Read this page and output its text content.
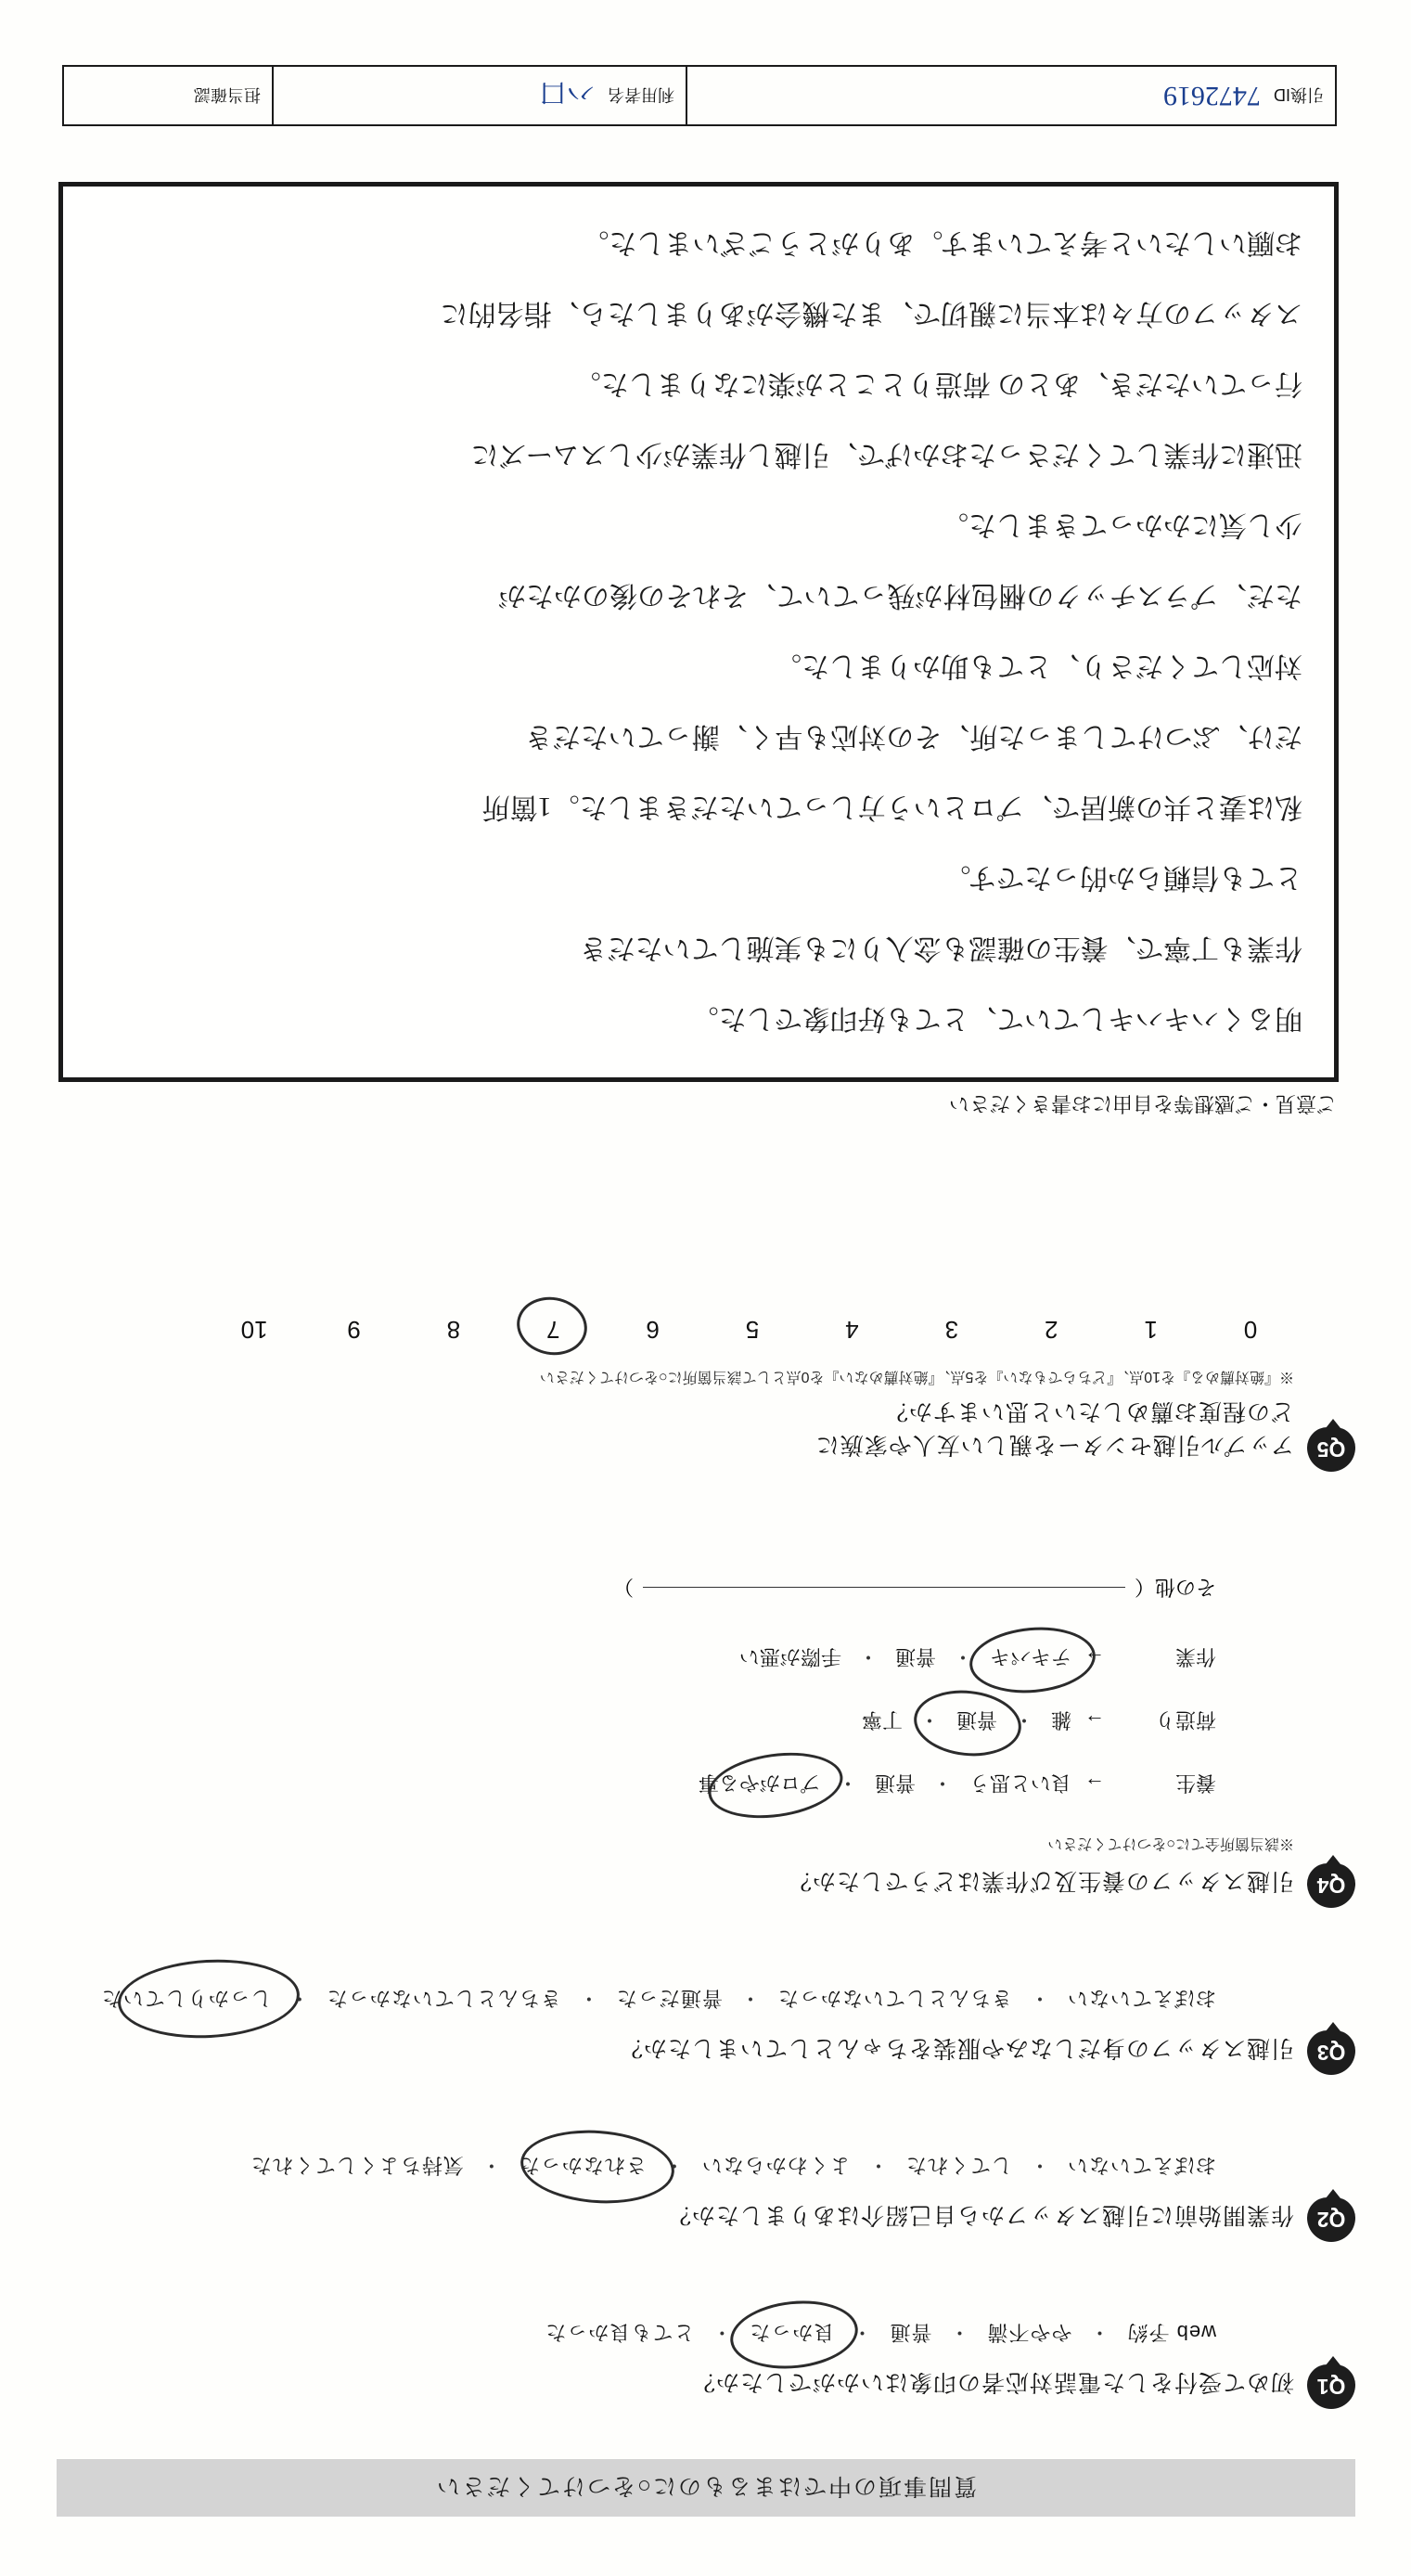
質問事項の中ではまるものに○をつけてください
Q1
初めて受付をした電話対応者の印象はいかがでしたか？
web 予約
・
やや不満
・
普通
・
良かった
・
とても良かった
Q2
作業開始前に引越スタッフから自己紹介はありましたか？
おぼえていない
・
してくれた
・
よくわからない
・
されなかった
・
気持ちよくしてくれた
Q3
引越スタッフの身だしなみや服装をちゃんとしていましたか？
おぼえていない
・
きちんとしていなかった
・
普通だった
・
きちんとしていなかった
・
しっかりしていた
Q4
引越スタッフの養生及び作業はどうでしたか？
※該当箇所全てに○をつけてください
養生
→
良いと思う
・
普通
・
プロがやる事
荷造り
→
雑
・
普通
・
丁寧
作業
→
テキパキ
・
普通
・
手際が悪い
その他
（
）
Q5
アップル引越センターを親しい友人や家族に
どの程度お薦めしたいと思いますか？
※『絶対薦める』を10点、『どちらでもない』を5点、『絶対薦めない』を0点として該当箇所に○をつけてください
0
1
2
3
4
5
6
7
8
9
10
ご意見・ご感想等を自由にお書きください
明るくハキハキしていて、とても好印象でした。
作業も丁寧で、養生の確認も念入りにも実施していただき
とても信頼らか的ったです。
私は妻と共の新居で、プロという方しっていただきました。1箇所
だけ、ぶつけてしまった所、その対応も早く、謝っていただき
対応してくださり、とても助かりました。
ただ、プラスチックの梱包材が残っていて、それその後のかたが
少し気にかかってきました。
迅速に作業してくださったおかげで、引越し作業が少しスムーズに
行っていただき、あとの 荷造りとことが楽になりました。
スタッフの方々は本当に親切で、また機会がありましたら、指名的に
お願いしたいと考えています。ありがとうございました。
引換ID
7472619
利用者名
ハ口
担当確認
